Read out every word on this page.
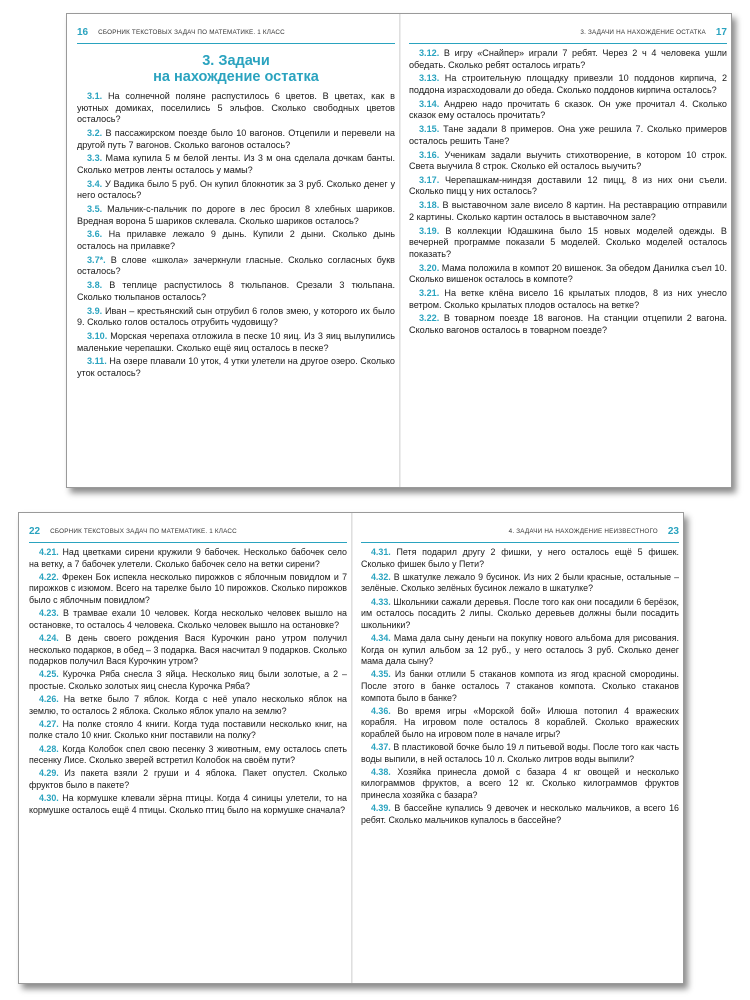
16 СБОРНИК ТЕКСТОВЫХ ЗАДАЧ ПО МАТЕМАТИКЕ. 1 КЛАСС
3. Задачи
на нахождение остатка

3.1. На солнечной поляне распустилось 6 цветов. В цветах, как в уютных домиках, поселились 5 эльфов. Сколько свободных цветов осталось?

3.2. В пассажирском поезде было 10 вагонов. Отцепили и перевели на другой путь 7 вагонов. Сколько вагонов осталось?

3.3. Мама купила 5 м белой ленты. Из 3 м она сделала дочкам банты. Сколько метров ленты осталось у мамы?

3.4. У Вадика было 5 руб. Он купил блокнотик за 3 руб. Сколько денег у него осталось?

3.5. Мальчик-с-пальчик по дороге в лес бросил 8 хлебных шариков. Вредная ворона 5 шариков склевала. Сколько шариков осталось?

3.6. На прилавке лежало 9 дынь. Купили 2 дыни. Сколько дынь осталось на прилавке?

3.7*. В слове «школа» зачеркнули гласные. Сколько согласных букв осталось?

3.8. В теплице распустилось 8 тюльпанов. Срезали 3 тюльпана. Сколько тюльпанов осталось?

3.9. Иван – крестьянский сын отрубил 6 голов змею, у которого их было 9. Сколько голов осталось отрубить чудовищу?

3.10. Морская черепаха отложила в песке 10 яиц. Из 3 яиц вылупились маленькие черепашки. Сколько ещё яиц осталось в песке?

3.11. На озере плавали 10 уток, 4 утки улетели на другое озеро. Сколько уток осталось?

3. ЗАДАЧИ НА НАХОЖДЕНИЕ ОСТАТКА 17

3.12. В игру «Снайпер» играли 7 ребят. Через 2 ч 4 человека ушли обедать. Сколько ребят осталось играть?

3.13. На строительную площадку привезли 10 поддонов кирпича, 2 поддона израсходовали до обеда. Сколько поддонов кирпича осталось?

3.14. Андрею надо прочитать 6 сказок. Он уже прочитал 4. Сколько сказок ему осталось прочитать?

3.15. Тане задали 8 примеров. Она уже решила 7. Сколько примеров осталось решить Тане?

3.16. Ученикам задали выучить стихотворение, в котором 10 строк. Света выучила 8 строк. Сколько ей осталось выучить?

3.17. Черепашкам-ниндзя доставили 12 пицц, 8 из них они съели. Сколько пицц у них осталось?

3.18. В выставочном зале висело 8 картин. На реставрацию отправили 2 картины. Сколько картин осталось в выставочном зале?

3.19. В коллекции Юдашкина было 15 новых моделей одежды. В вечерней программе показали 5 моделей. Сколько моделей осталось показать?

3.20. Мама положила в компот 20 вишенок. За обедом Данилка съел 10. Сколько вишенок осталось в компоте?

3.21. На ветке клёна висело 16 крылатых плодов, 8 из них унесло ветром. Сколько крылатых плодов осталось на ветке?

3.22. В товарном поезде 18 вагонов. На станции отцепили 2 вагона. Сколько вагонов осталось в товарном поезде?

22 СБОРНИК ТЕКСТОВЫХ ЗАДАЧ ПО МАТЕМАТИКЕ. 1 КЛАСС

4.21. Над цветками сирени кружили 9 бабочек. Несколько бабочек село на ветку, а 7 бабочек улетели. Сколько бабочек село на ветки сирени?

4.22. Фрекен Бок испекла несколько пирожков с яблочным повидлом и 7 пирожков с изюмом. Всего на тарелке было 10 пирожков. Сколько пирожков было с яблочным повидлом?

4.23. В трамвае ехали 10 человек. Когда несколько человек вышло на остановке, то осталось 4 человека. Сколько человек вышло на остановке?

4.24. В день своего рождения Вася Курочкин рано утром получил несколько подарков, в обед – 3 подарка. Вася насчитал 9 подарков. Сколько подарков получил Вася Курочкин утром?

4.25. Курочка Ряба снесла 3 яйца. Несколько яиц были золотые, а 2 – простые. Сколько золотых яиц снесла Курочка Ряба?

4.26. На ветке было 7 яблок. Когда с неё упало несколько яблок на землю, то осталось 2 яблока. Сколько яблок упало на землю?

4.27. На полке стояло 4 книги. Когда туда поставили несколько книг, на полке стало 10 книг. Сколько книг поставили на полку?

4.28. Когда Колобок спел свою песенку 3 животным, ему осталось спеть песенку Лисе. Сколько зверей встретил Колобок на своём пути?

4.29. Из пакета взяли 2 груши и 4 яблока. Пакет опустел. Сколько фруктов было в пакете?

4.30. На кормушке клевали зёрна птицы. Когда 4 синицы улетели, то на кормушке осталось ещё 4 птицы. Сколько птиц было на кормушке сначала?

4. ЗАДАЧИ НА НАХОЖДЕНИЕ НЕИЗВЕСТНОГО 23

4.31. Петя подарил другу 2 фишки, у него осталось ещё 5 фишек. Сколько фишек было у Пети?

4.32. В шкатулке лежало 9 бусинок. Из них 2 были красные, остальные – зелёные. Сколько зелёных бусинок лежало в шкатулке?

4.33. Школьники сажали деревья. После того как они посадили 6 берёзок, им осталось посадить 2 липы. Сколько деревьев должны были посадить школьники?

4.34. Мама дала сыну деньги на покупку нового альбома для рисования. Когда он купил альбом за 12 руб., у него осталось 3 руб. Сколько денег мама дала сыну?

4.35. Из банки отлили 5 стаканов компота из ягод красной смородины. После этого в банке осталось 7 стаканов компота. Сколько стаканов компота было в банке?

4.36. Во время игры «Морской бой» Илюша потопил 4 вражеских корабля. На игровом поле осталось 8 кораблей. Сколько вражеских кораблей было на игровом поле в начале игры?

4.37. В пластиковой бочке было 19 л питьевой воды. После того как часть воды выпили, в ней осталось 10 л. Сколько литров воды выпили?

4.38. Хозяйка принесла домой с базара 4 кг овощей и несколько килограммов фруктов, а всего 12 кг. Сколько килограммов фруктов принесла хозяйка с базара?

4.39. В бассейне купались 9 девочек и несколько мальчиков, а всего 16 ребят. Сколько мальчиков купалось в бассейне?
